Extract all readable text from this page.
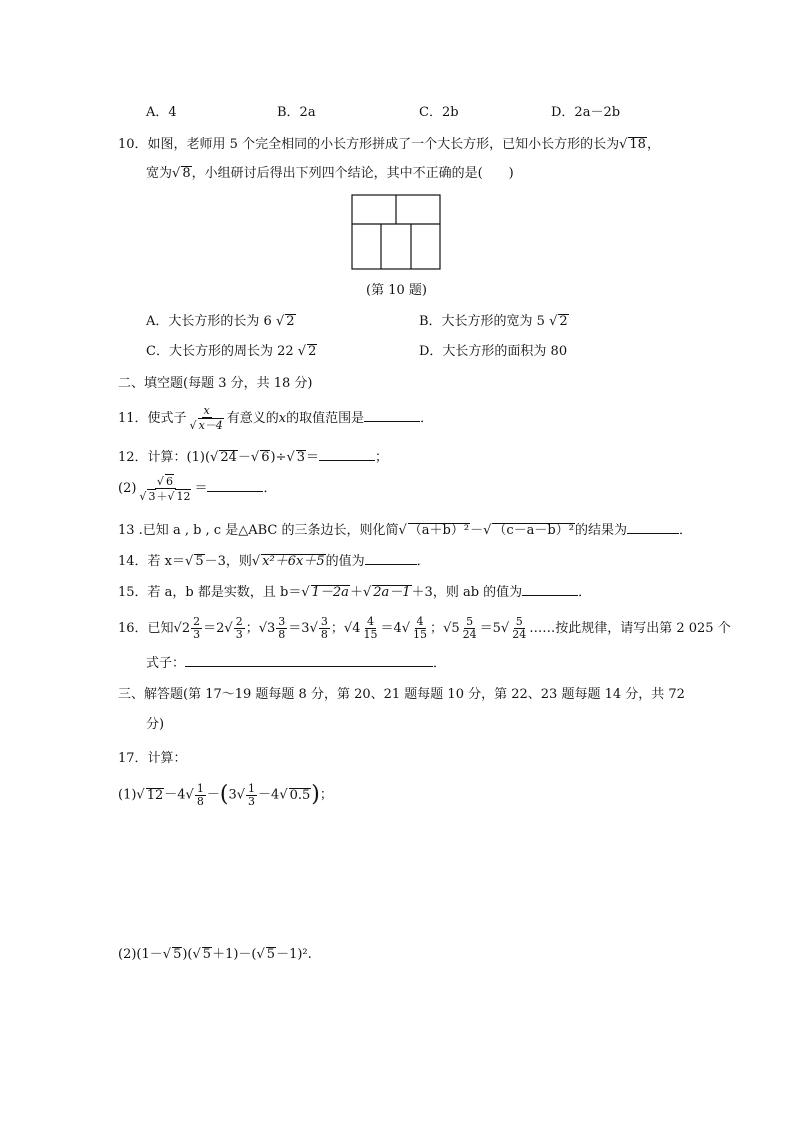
A．4	B．2a	C．2b	D．2a－2b
10．如图，老师用 5 个完全相同的小长方形拼成了一个大长方形，已知小长方形的长为√ 18，
宽为√ 8，小组研讨后得出下列四个结论，其中不正确的是(　　)
(第 10 题)
A．大长方形的长为 6 √ 2	B．大长方形的宽为 5 √ 2
C．大长方形的周长为 22 √ 2	D．大长方形的面积为 80
二、填空题(每题 3 分，共 18 分)
11．使式子 $\frac{x}{√ x-4}$ 有意义的x的取值范围是	．
12．计算：(1)(√ 24－√ 6)÷√ 3＝	；
$(2) \frac{√ 6}{√ 3+√ 12}$ ＝	．
13 .已知 a , b , c 是△ABC 的三条边长，则化简√ （a＋b）²－√ （c－a－b）²的结果为	．
14．若 x＝√ 5－3，则√ x²＋6x＋5的值为	．
15．若 a，b 都是实数，且 b＝√ 1－2a＋√ 2a－1＋3，则 ab 的值为	．
16．已知$√2 \frac{2}{3} =2√ \frac{2}{3}$ ；$√3 \frac{3}{8} =3√ \frac{3}{8}$ ；$√4 \frac{4}{15} =4√ \frac{4}{15}$ ；$√5 \frac{5}{24} =5√ \frac{5}{24}$ ……按此规律，请写出第 2 025 个
式子：	．
三、解答题(第 17～19 题每题 8 分，第 20、21 题每题 10 分，第 22、23 题每题 14 分，共 72
分)
17．计算：
(1)√ $12-4√ \frac{1}{8} -(3√ \frac{1}{3} -4√$ 0.5)；
(2)(1－√ 5)(√ 5＋1)－(√ 5－1)².
